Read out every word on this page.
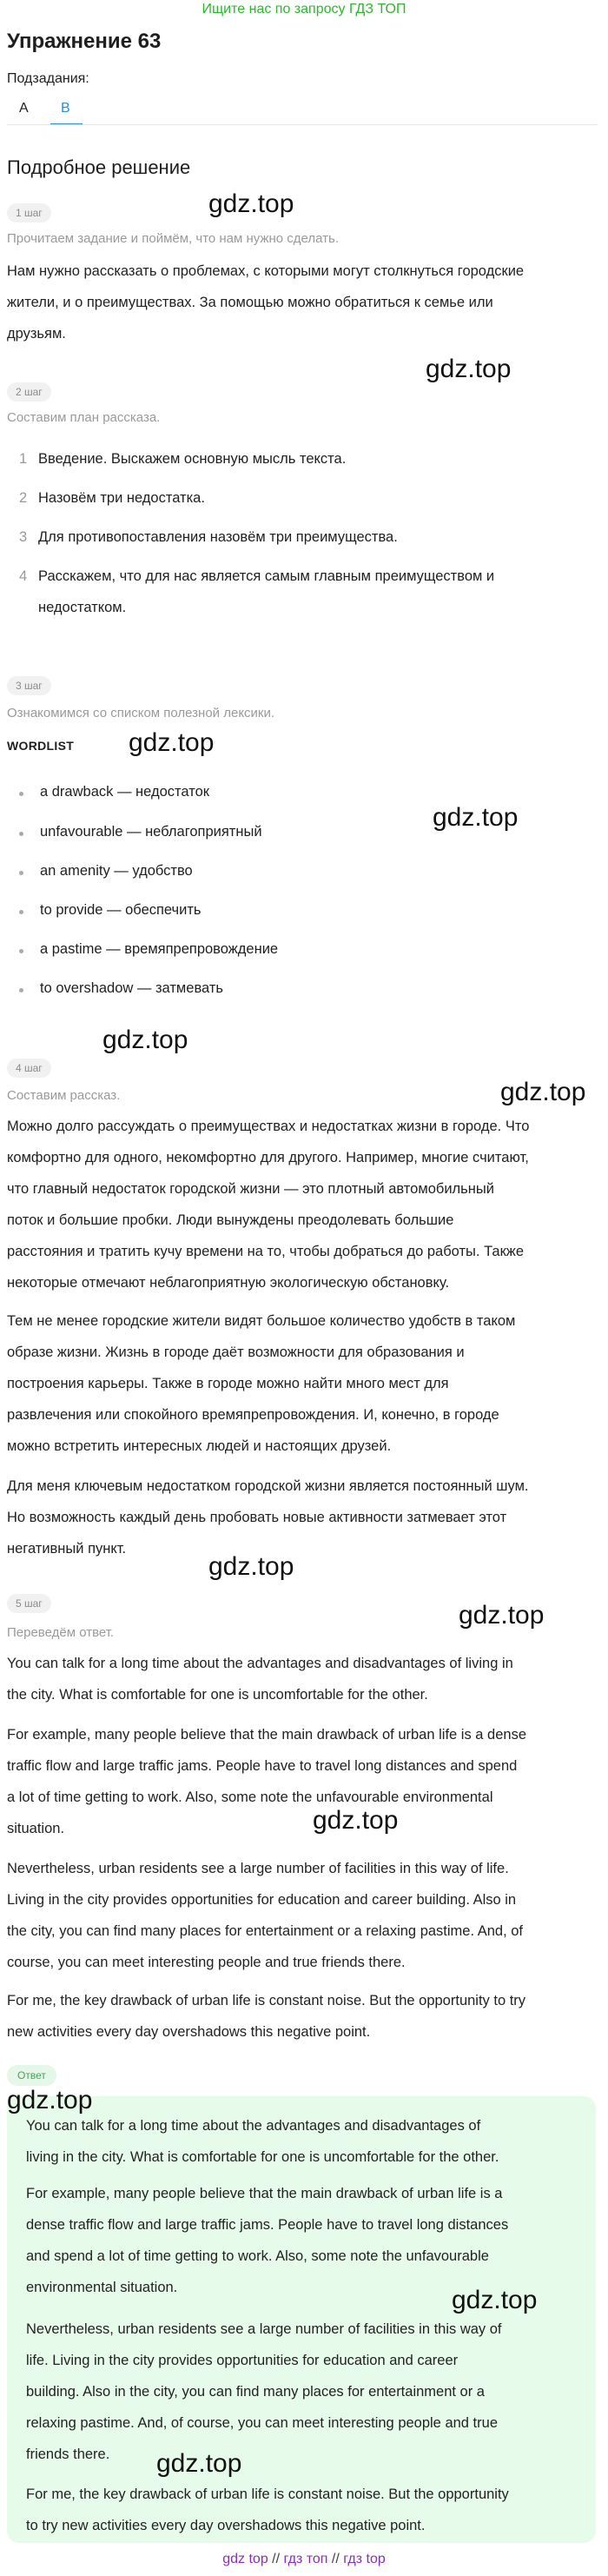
Ищите нас по запросу ГДЗ ТОП
Упражнение 63
Подзадания:
A B
Подробное решение
1 шаг
Прочитаем задание и поймём, что нам нужно сделать.
Нам нужно рассказать о проблемах, с которыми могут столкнуться городские
жители, и о преимуществах. За помощью можно обратиться к семье или
друзьям.
2 шаг
Составим план рассказа.
1 Введение. Выскажем основную мысль текста.
2 Назовём три недостатка.
3 Для противопоставления назовём три преимущества.
4 Расскажем, что для нас является самым главным преимуществом и
недостатком.
3 шаг
Ознакомимся со списком полезной лексики.
WORDLIST
a drawback — недостаток
unfavourable — неблагоприятный
an amenity — удобство
to provide — обеспечить
a pastime — времяпрепровождение
to overshadow — затмевать
4 шаг
Составим рассказ.
Можно долго рассуждать о преимуществах и недостатках жизни в городе. Что
комфортно для одного, некомфортно для другого. Например, многие считают,
что главный недостаток городской жизни — это плотный автомобильный
поток и большие пробки. Люди вынуждены преодолевать большие
расстояния и тратить кучу времени на то, чтобы добраться до работы. Также
некоторые отмечают неблагоприятную экологическую обстановку.
Тем не менее городские жители видят большое количество удобств в таком
образе жизни. Жизнь в городе даёт возможности для образования и
построения карьеры. Также в городе можно найти много мест для
развлечения или спокойного времяпрепровождения. И, конечно, в городе
можно встретить интересных людей и настоящих друзей.
Для меня ключевым недостатком городской жизни является постоянный шум.
Но возможность каждый день пробовать новые активности затмевает этот
негативный пункт.
5 шаг
Переведём ответ.
You can talk for a long time about the advantages and disadvantages of living in
the city. What is comfortable for one is uncomfortable for the other.
For example, many people believe that the main drawback of urban life is a dense
traffic flow and large traffic jams. People have to travel long distances and spend
a lot of time getting to work. Also, some note the unfavourable environmental
situation.
Nevertheless, urban residents see a large number of facilities in this way of life.
Living in the city provides opportunities for education and career building. Also in
the city, you can find many places for entertainment or a relaxing pastime. And, of
course, you can meet interesting people and true friends there.
For me, the key drawback of urban life is constant noise. But the opportunity to try
new activities every day overshadows this negative point.
Ответ
You can talk for a long time about the advantages and disadvantages of
living in the city. What is comfortable for one is uncomfortable for the other.
For example, many people believe that the main drawback of urban life is a
dense traffic flow and large traffic jams. People have to travel long distances
and spend a lot of time getting to work. Also, some note the unfavourable
environmental situation.
Nevertheless, urban residents see a large number of facilities in this way of
life. Living in the city provides opportunities for education and career
building. Also in the city, you can find many places for entertainment or a
relaxing pastime. And, of course, you can meet interesting people and true
friends there.
For me, the key drawback of urban life is constant noise. But the opportunity
to try new activities every day overshadows this negative point.
gdz.top
gdz.top
gdz.top
gdz.top
gdz.top
gdz.top
gdz.top
gdz.top
gdz.top
gdz.top
gdz.top
gdz.top
gdz top // гдз топ // гдз top
